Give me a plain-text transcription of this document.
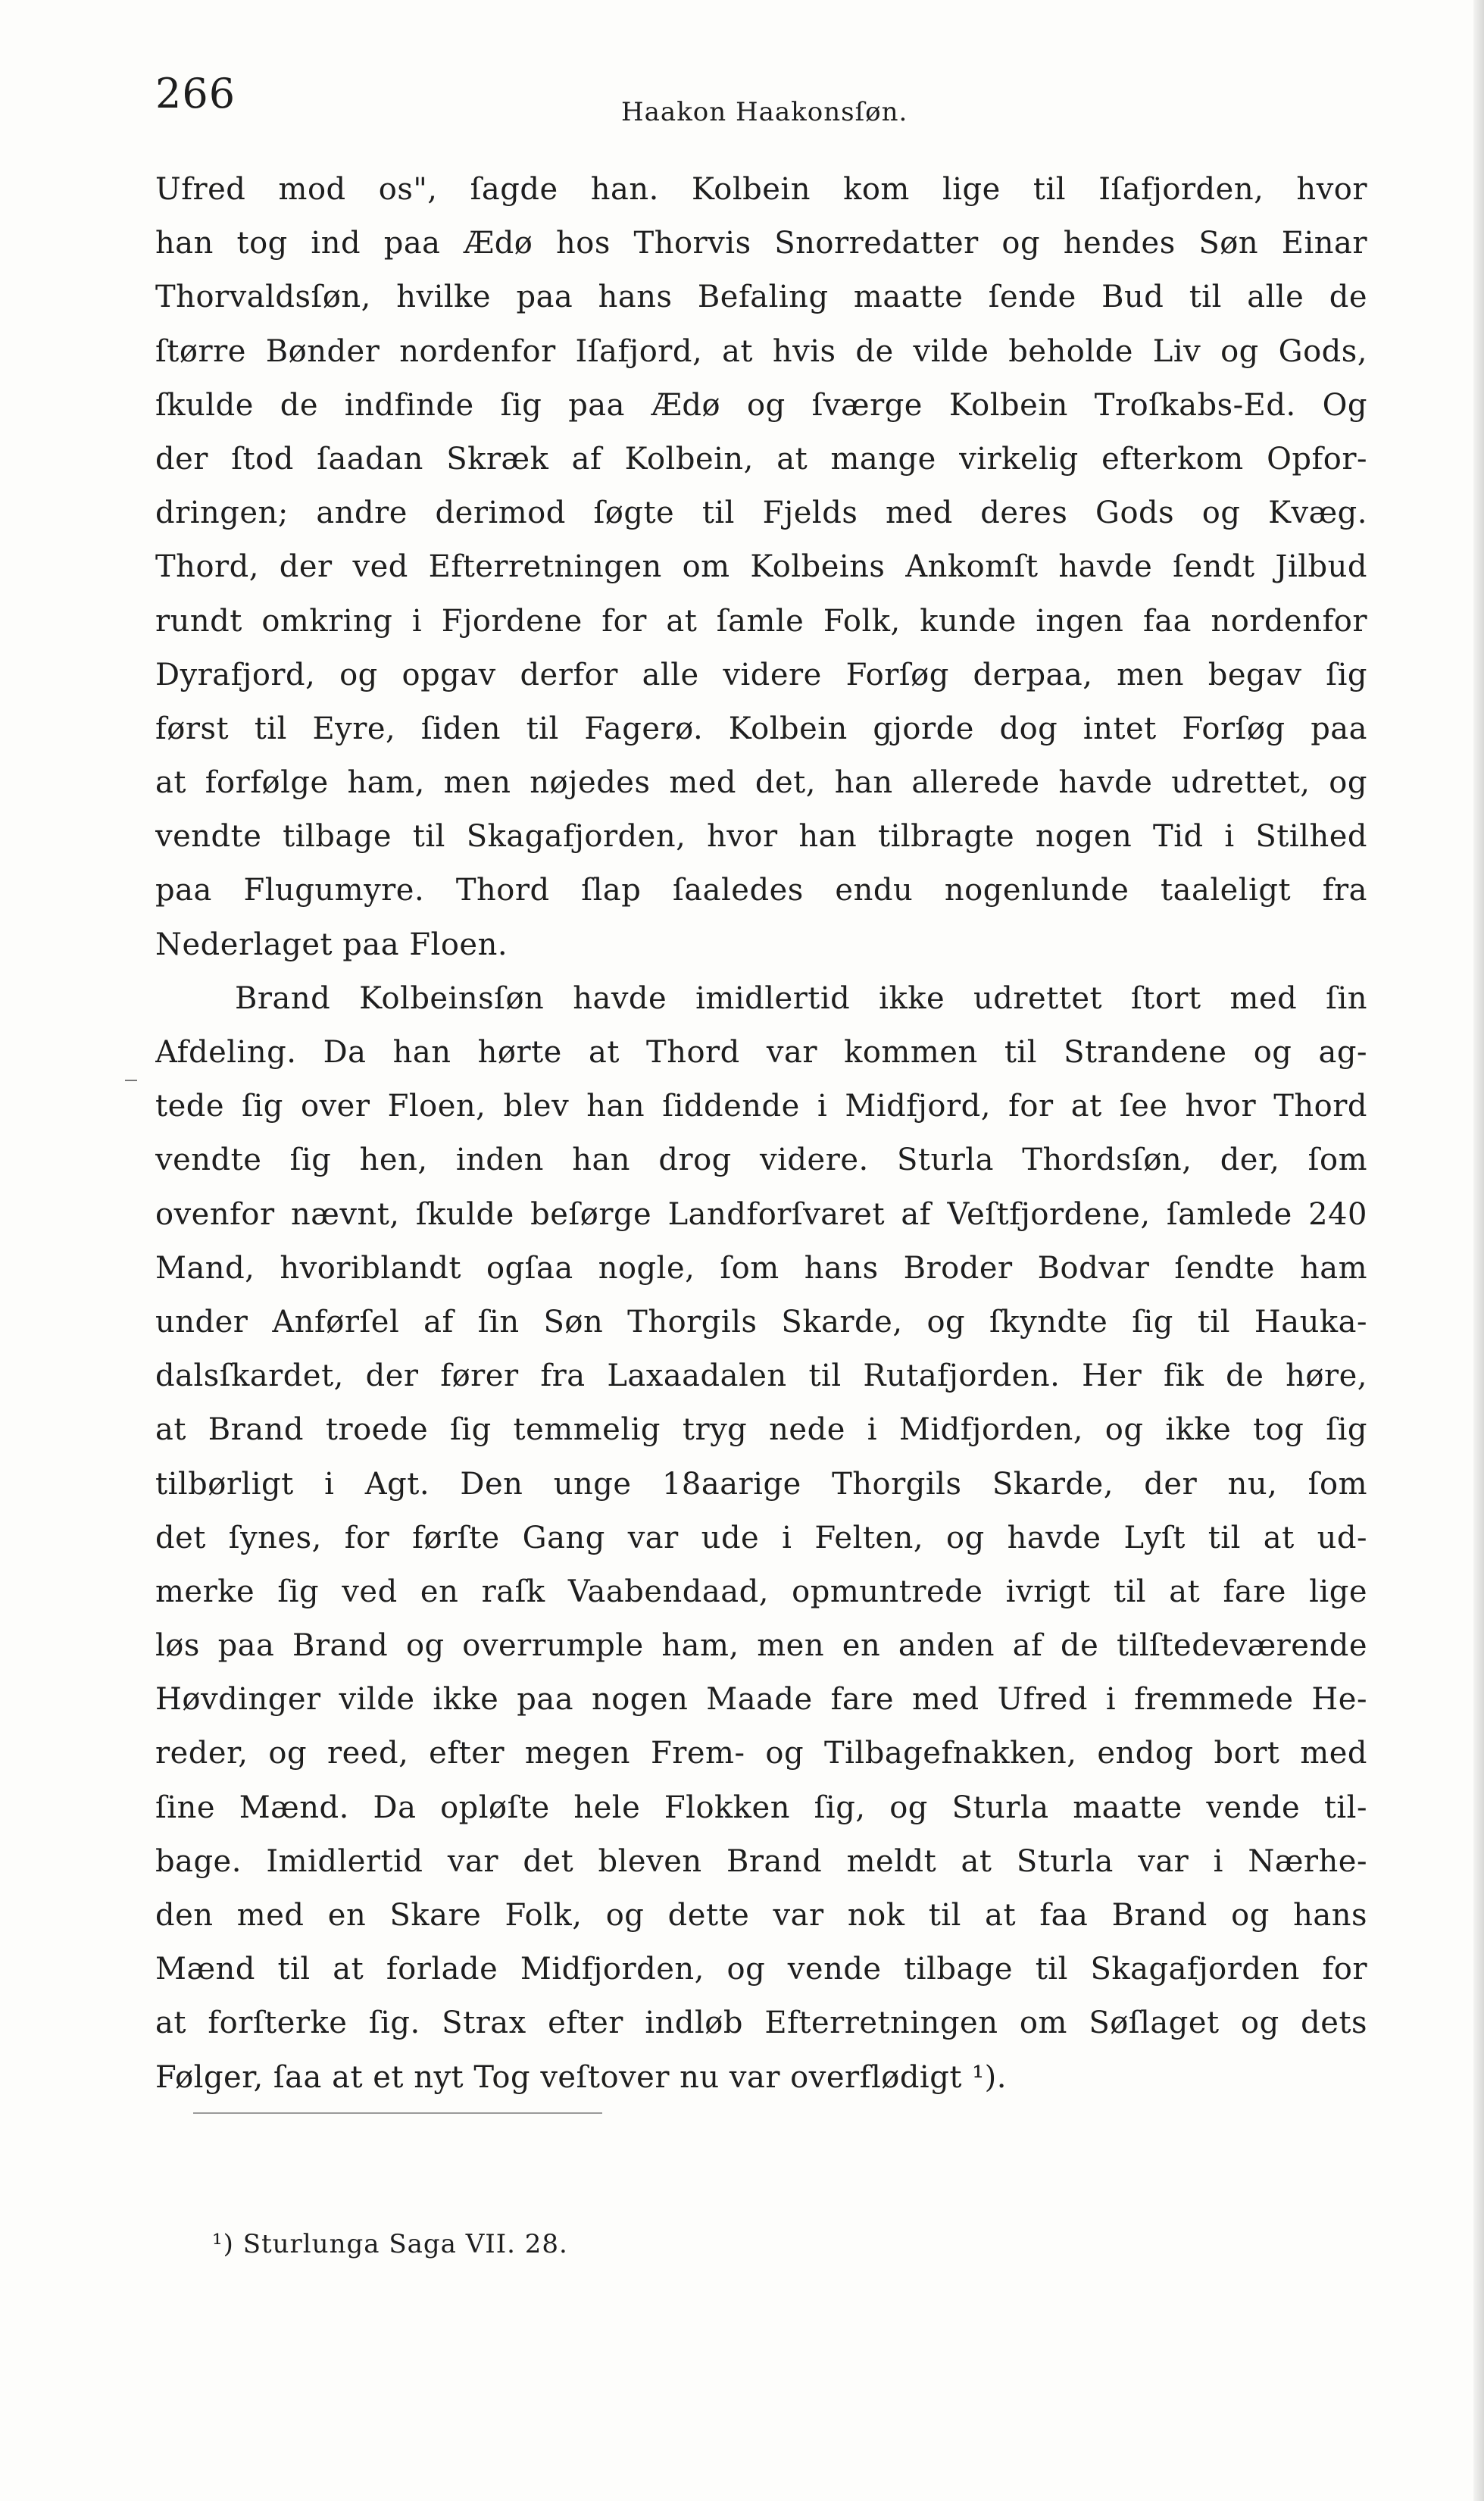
266	Haakon Haakonsſøn.
Ufred mod os", ſagde han. Kolbein kom lige til Iſafjorden, hvor
han tog ind paa Ædø hos Thorvis Snorredatter og hendes Søn Einar
Thorvaldsſøn, hvilke paa hans Befaling maatte ſende Bud til alle de
ſtørre Bønder nordenfor Iſafjord, at hvis de vilde beholde Liv og Gods,
ſkulde de indfinde ſig paa Ædø og ſværge Kolbein Troſkabs-Ed. Og
der ſtod ſaadan Skræk af Kolbein, at mange virkelig efterkom Opfor-
dringen; andre derimod ſøgte til Fjelds med deres Gods og Kvæg.
Thord, der ved Efterretningen om Kolbeins Ankomſt havde ſendt Jilbud
rundt omkring i Fjordene for at ſamle Folk, kunde ingen faa nordenfor
Dyrafjord, og opgav derfor alle videre Forſøg derpaa, men begav ſig
først til Eyre, ſiden til Fagerø. Kolbein gjorde dog intet Forſøg paa
at forfølge ham, men nøjedes med det, han allerede havde udrettet, og
vendte tilbage til Skagafjorden, hvor han tilbragte nogen Tid i Stilhed
paa Flugumyre. Thord ſlap ſaaledes endu nogenlunde taaleligt fra
Nederlaget paa Floen.
Brand Kolbeinsſøn havde imidlertid ikke udrettet ſtort med ſin
Afdeling. Da han hørte at Thord var kommen til Strandene og ag-
tede ſig over Floen, blev han ſiddende i Midfjord, for at ſee hvor Thord
vendte ſig hen, inden han drog videre. Sturla Thordsſøn, der, ſom
ovenfor nævnt, ſkulde beſørge Landforſvaret af Veſtfjordene, ſamlede 240
Mand, hvoriblandt ogſaa nogle, ſom hans Broder Bodvar ſendte ham
under Anførſel af ſin Søn Thorgils Skarde, og ſkyndte ſig til Hauka-
dalsſkardet, der fører fra Laxaadalen til Rutafjorden. Her fik de høre,
at Brand troede ſig temmelig tryg nede i Midfjorden, og ikke tog ſig
tilbørligt i Agt. Den unge 18aarige Thorgils Skarde, der nu, ſom
det ſynes, for førſte Gang var ude i Felten, og havde Lyſt til at ud-
merke ſig ved en raſk Vaabendaad, opmuntrede ivrigt til at fare lige
løs paa Brand og overrumple ham, men en anden af de tilſtedeværende
Høvdinger vilde ikke paa nogen Maade fare med Ufred i fremmede He-
reder, og reed, efter megen Frem- og Tilbagefnakken, endog bort med
ſine Mænd. Da opløſte hele Flokken ſig, og Sturla maatte vende til-
bage. Imidlertid var det bleven Brand meldt at Sturla var i Nærhe-
den med en Skare Folk, og dette var nok til at faa Brand og hans
Mænd til at forlade Midfjorden, og vende tilbage til Skagafjorden for
at forſterke ſig. Strax efter indløb Efterretningen om Søſlaget og dets
Følger, ſaa at et nyt Tog veſtover nu var overflødigt ¹).
¹) Sturlunga Saga VII. 28.
